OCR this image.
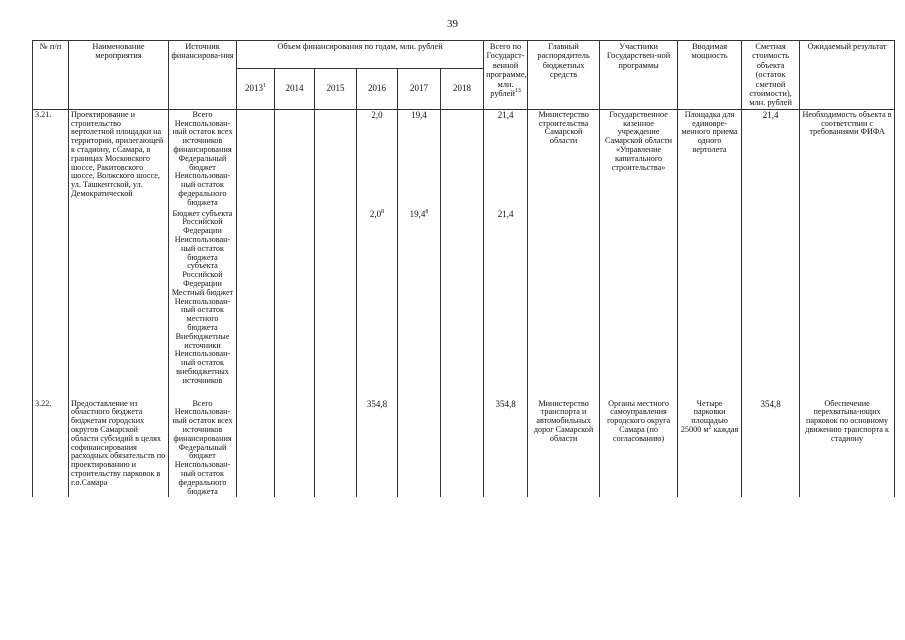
39
№ п/п	Наименование мероприятия	Источник финансирова-ния	Объем финансирования по годам, млн. рублей						Всего по Государст-венной программе, млн. рублей$^{13}$	Главный распорядитель бюджетных средств	Участники Государствен-ной программы	Вводимая мощность	Сметная стоимость объекта (остаток сметной стоимости), млн. рублей	Ожидаемый результат
			2013$^1$	2014	2015	2016	2017	2018						
3.21.	Проектирование и строительство вертолетной площадки на территории, прилегающей к стадиону, г.Самара, в границах Московского шоссе, Ракитовского шоссе, Волжского шоссе, ул. Ташкентской, ул. Демократической	Всего Неиспользован-ный остаток всех источников финансирования Федеральный бюджет Неиспользован-ный остаток федерального бюджета				2,0	19,4		21,4	Министерство строительства Самарской области	Государственное казенное учреждение Самарской области «Управление капитального строительства»	Площадка для единовре-менного приема одного вертолета	21,4	Необходимость объекта в соответствии с требованиями ФИФА
		Бюджет субъекта Российской Федерации Неиспользован-ный остаток бюджета субъекта Российской Федерации Местный бюджет Неиспользован-ный остаток местного бюджета Внебюджетные источники Неиспользован-ный остаток внебюджетных источников				$2,0^8$	19,4$^8$		21,4					

3.22.	Предоставление из областного бюджета бюджетам городских округов Самарской области субсидий в целях софинансирования расходных обязательств по проектированию и строительству парковок в г.о.Самара	Всего Неиспользован-ный остаток всех источников финансирования Федеральный бюджет Неиспользован-ный остаток федерального бюджета				354,8			354,8	Министерство транспорта и автомобильных дорог Самарской области	Органы местного самоуправления городского округа Самара (по согласованию)	Четыре парковки площадью 25000 $м^2$ каждая	354,8	Обеспечение перехватыва-ющих парковок по основному движению транспорта к стадиону
